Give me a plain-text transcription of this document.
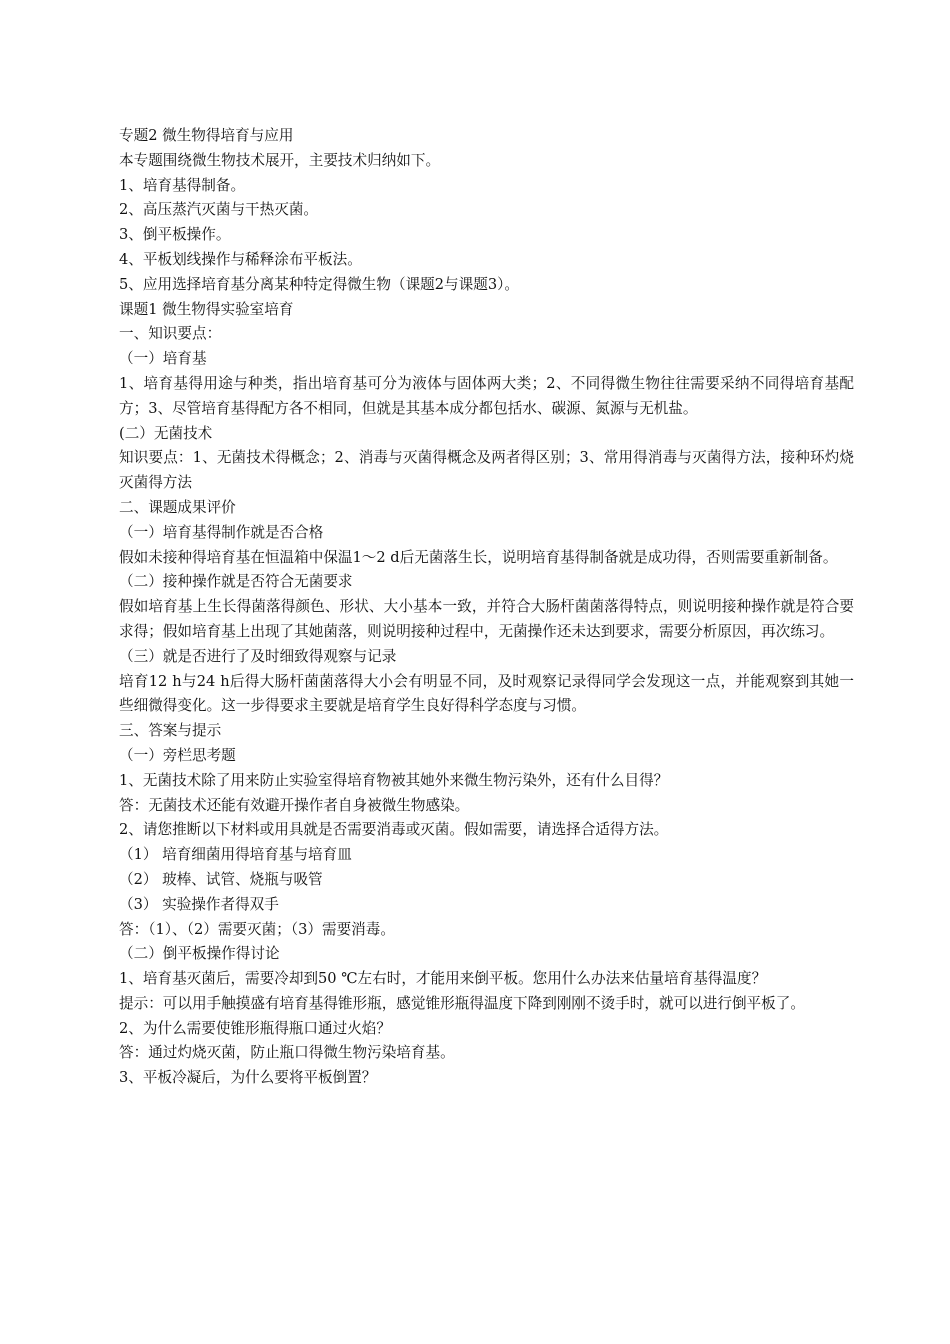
专题2 微生物得培育与应用

本专题围绕微生物技术展开，主要技术归纳如下。

1、培育基得制备。

2、高压蒸汽灭菌与干热灭菌。

3、倒平板操作。

4、平板划线操作与稀释涂布平板法。

5、应用选择培育基分离某种特定得微生物（课题2与课题3）。

课题1 微生物得实验室培育

一、知识要点：

（一）培育基

1、培育基得用途与种类，指出培育基可分为液体与固体两大类；2、不同得微生物往往需要采纳不同得培育基配方；3、尽管培育基得配方各不相同，但就是其基本成分都包括水、碳源、氮源与无机盐。

(二）无菌技术

知识要点：1、无菌技术得概念；2、消毒与灭菌得概念及两者得区别；3、常用得消毒与灭菌得方法，接种环灼烧灭菌得方法

二、课题成果评价

（一）培育基得制作就是否合格

假如未接种得培育基在恒温箱中保温1～2 d后无菌落生长，说明培育基得制备就是成功得，否则需要重新制备。

（二）接种操作就是否符合无菌要求

假如培育基上生长得菌落得颜色、形状、大小基本一致，并符合大肠杆菌菌落得特点，则说明接种操作就是符合要求得；假如培育基上出现了其她菌落，则说明接种过程中，无菌操作还未达到要求，需要分析原因，再次练习。

（三）就是否进行了及时细致得观察与记录

培育12 h与24 h后得大肠杆菌菌落得大小会有明显不同，及时观察记录得同学会发现这一点，并能观察到其她一些细微得变化。这一步得要求主要就是培育学生良好得科学态度与习惯。

三、答案与提示

（一）旁栏思考题

1、无菌技术除了用来防止实验室得培育物被其她外来微生物污染外，还有什么目得？

答：无菌技术还能有效避开操作者自身被微生物感染。

2、请您推断以下材料或用具就是否需要消毒或灭菌。假如需要，请选择合适得方法。

（1） 培育细菌用得培育基与培育皿

（2） 玻棒、试管、烧瓶与吸管

（3） 实验操作者得双手

答：（1）、（2）需要灭菌；（3）需要消毒。

（二）倒平板操作得讨论

1、培育基灭菌后，需要冷却到50 ℃左右时，才能用来倒平板。您用什么办法来估量培育基得温度？

提示：可以用手触摸盛有培育基得锥形瓶，感觉锥形瓶得温度下降到刚刚不烫手时，就可以进行倒平板了。

2、为什么需要使锥形瓶得瓶口通过火焰？

答：通过灼烧灭菌，防止瓶口得微生物污染培育基。

3、平板冷凝后，为什么要将平板倒置？
